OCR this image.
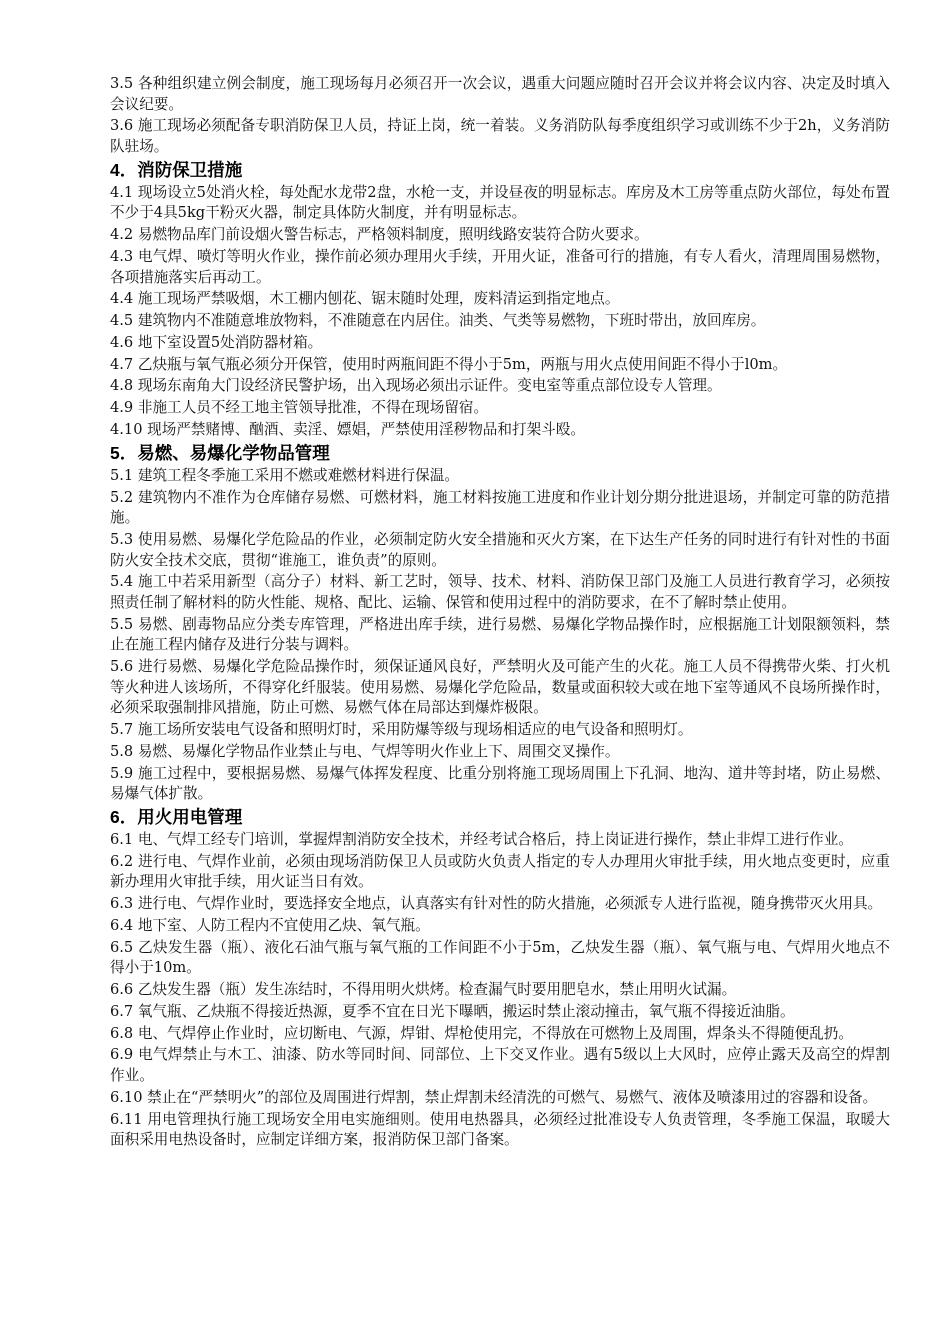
3.5 各种组织建立例会制度，施工现场每月必须召开一次会议，遇重大问题应随时召开会议并将会议内容、决定及时填入会议纪要。

3.6 施工现场必须配备专职消防保卫人员，持证上岗，统一着装。义务消防队每季度组织学习或训练不少于2h，义务消防队驻场。

4．消防保卫措施

4.1 现场设立5处消火栓，每处配水龙带2盘，水枪一支，并设昼夜的明显标志。库房及木工房等重点防火部位，每处布置不少于4具5kg干粉灭火器，制定具体防火制度，并有明显标志。

4.2 易燃物品库门前设烟火警告标志，严格领料制度，照明线路安装符合防火要求。

4.3 电气焊、喷灯等明火作业，操作前必须办理用火手续，开用火证，准备可行的措施，有专人看火，清理周围易燃物，各项措施落实后再动工。

4.4 施工现场严禁吸烟，木工棚内刨花、锯末随时处理，废料清运到指定地点。

4.5 建筑物内不准随意堆放物料，不准随意在内居住。油类、气类等易燃物，下班时带出，放回库房。

4.6 地下室设置5处消防器材箱。

4.7 乙炔瓶与氧气瓶必须分开保管，使用时两瓶间距不得小于5m，两瓶与用火点使用间距不得小于l0m。

4.8 现场东南角大门设经济民警护场，出入现场必须出示证件。变电室等重点部位设专人管理。

4.9 非施工人员不经工地主管领导批准，不得在现场留宿。

4.10 现场严禁赌博、酗酒、卖淫、嫖娼，严禁使用淫秽物品和打架斗殴。

5．易燃、易爆化学物品管理

5.1 建筑工程冬季施工采用不燃或难燃材料进行保温。

5.2 建筑物内不准作为仓库储存易燃、可燃材料，施工材料按施工进度和作业计划分期分批进退场，并制定可靠的防范措施。

5.3 使用易燃、易爆化学危险品的作业，必须制定防火安全措施和灭火方案，在下达生产任务的同时进行有针对性的书面防火安全技术交底，贯彻“谁施工，谁负责”的原则。

5.4 施工中若采用新型（高分子）材料、新工艺时，领导、技术、材料、消防保卫部门及施工人员进行教育学习，必须按照责任制了解材料的防火性能、规格、配比、运输、保管和使用过程中的消防要求，在不了解时禁止使用。

5.5 易燃、剧毒物品应分类专库管理，严格进出库手续，进行易燃、易爆化学物品操作时，应根据施工计划限额领料，禁止在施工程内储存及进行分装与调料。

5.6 进行易燃、易爆化学危险品操作时，须保证通风良好，严禁明火及可能产生的火花。施工人员不得携带火柴、打火机等火种进人该场所，不得穿化纤服装。使用易燃、易爆化学危险品，数量或面积较大或在地下室等通风不良场所操作时，必须采取强制排风措施，防止可燃、易燃气体在局部达到爆炸极限。

5.7 施工场所安装电气设备和照明灯时，采用防爆等级与现场相适应的电气设备和照明灯。

5.8 易燃、易爆化学物品作业禁止与电、气焊等明火作业上下、周围交叉操作。

5.9 施工过程中，要根据易燃、易爆气体挥发程度、比重分别将施工现场周围上下孔洞、地沟、道井等封堵，防止易燃、易爆气体扩散。

6．用火用电管理

6.1 电、气焊工经专门培训，掌握焊割消防安全技术，并经考试合格后，持上岗证进行操作，禁止非焊工进行作业。

6.2 进行电、气焊作业前，必须由现场消防保卫人员或防火负责人指定的专人办理用火审批手续，用火地点变更时，应重新办理用火审批手续，用火证当日有效。

6.3 进行电、气焊作业时，要选择安全地点，认真落实有针对性的防火措施，必须派专人进行监视，随身携带灭火用具。

6.4 地下室、人防工程内不宜使用乙炔、氧气瓶。

6.5 乙炔发生器（瓶）、液化石油气瓶与氧气瓶的工作间距不小于5m，乙炔发生器（瓶）、氧气瓶与电、气焊用火地点不得小于10m。

6.6 乙炔发生器（瓶）发生冻结时，不得用明火烘烤。检查漏气时要用肥皂水，禁止用明火试漏。

6.7 氧气瓶、乙炔瓶不得接近热源，夏季不宜在日光下曝晒，搬运时禁止滚动撞击，氧气瓶不得接近油脂。

6.8 电、气焊停止作业时，应切断电、气源，焊钳、焊枪使用完，不得放在可燃物上及周围，焊条头不得随便乱扔。

6.9 电气焊禁止与木工、油漆、防水等同时间、同部位、上下交叉作业。遇有5级以上大风时，应停止露天及高空的焊割作业。

6.10 禁止在“严禁明火”的部位及周围进行焊割，禁止焊割未经清洗的可燃气、易燃气、液体及喷漆用过的容器和设备。

6.11 用电管理执行施工现场安全用电实施细则。使用电热器具，必须经过批准设专人负责管理，冬季施工保温，取暖大面积采用电热设备时，应制定详细方案，报消防保卫部门备案。
